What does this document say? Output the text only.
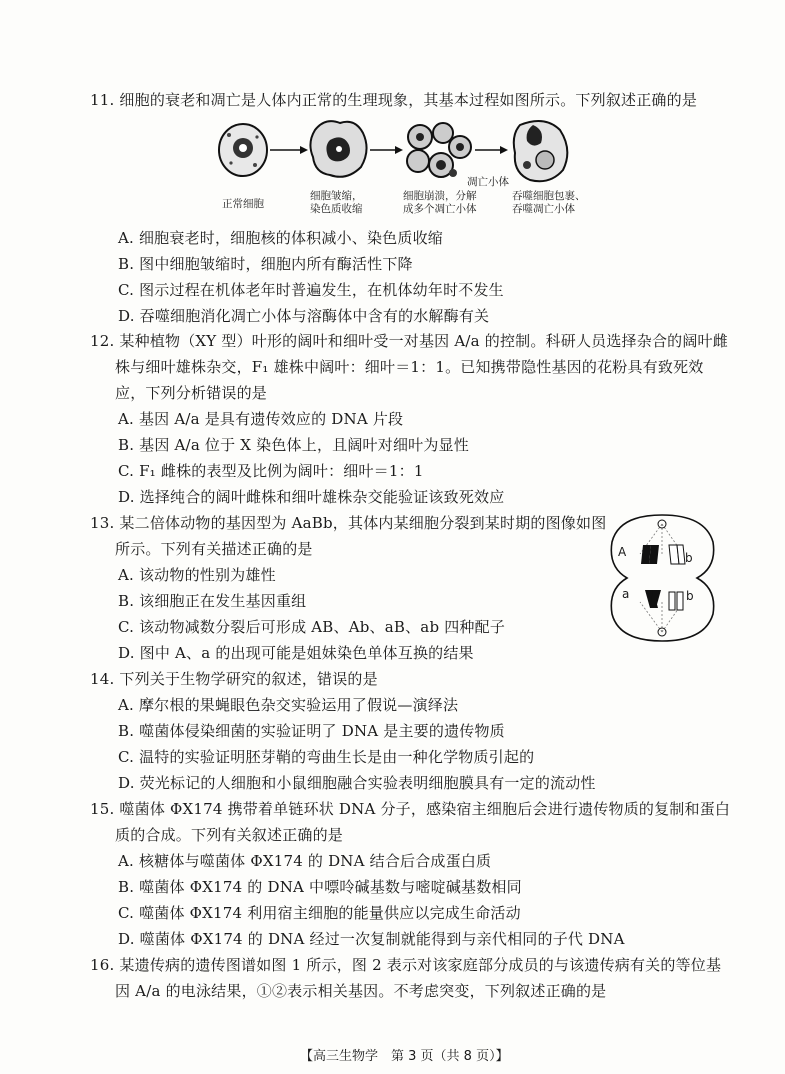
11. 细胞的衰老和凋亡是人体内正常的生理现象，其基本过程如图所示。下列叙述正确的是
正常细胞
细胞皱缩，
染色质收缩
细胞崩溃，分解
成多个凋亡小体
凋亡小体
吞噬细胞包裹、
吞噬凋亡小体
A. 细胞衰老时，细胞核的体积减小、染色质收缩
B. 图中细胞皱缩时，细胞内所有酶活性下降
C. 图示过程在机体老年时普遍发生，在机体幼年时不发生
D. 吞噬细胞消化凋亡小体与溶酶体中含有的水解酶有关
12. 某种植物（XY 型）叶形的阔叶和细叶受一对基因 A/a 的控制。科研人员选择杂合的阔叶雌
株与细叶雄株杂交，F₁ 雄株中阔叶：细叶＝1：1。已知携带隐性基因的花粉具有致死效
应，下列分析错误的是
A. 基因 A/a 是具有遗传效应的 DNA 片段
B. 基因 A/a 位于 X 染色体上，且阔叶对细叶为显性
C. F₁ 雌株的表型及比例为阔叶：细叶＝1：1
D. 选择纯合的阔叶雌株和细叶雄株杂交能验证该致死效应
13. 某二倍体动物的基因型为 AaBb，其体内某细胞分裂到某时期的图像如图
所示。下列有关描述正确的是	A	b
a	b
A. 该动物的性别为雄性
B. 该细胞正在发生基因重组
C. 该动物减数分裂后可形成 AB、Ab、aB、ab 四种配子
D. 图中 A、a 的出现可能是姐妹染色单体互换的结果
14. 下列关于生物学研究的叙述，错误的是
A. 摩尔根的果蝇眼色杂交实验运用了假说—演绎法
B. 噬菌体侵染细菌的实验证明了 DNA 是主要的遗传物质
C. 温特的实验证明胚芽鞘的弯曲生长是由一种化学物质引起的
D. 荧光标记的人细胞和小鼠细胞融合实验表明细胞膜具有一定的流动性
15. 噬菌体 ΦX174 携带着单链环状 DNA 分子，感染宿主细胞后会进行遗传物质的复制和蛋白
质的合成。下列有关叙述正确的是
A. 核糖体与噬菌体 ΦX174 的 DNA 结合后合成蛋白质
B. 噬菌体 ΦX174 的 DNA 中嘌呤碱基数与嘧啶碱基数相同
C. 噬菌体 ΦX174 利用宿主细胞的能量供应以完成生命活动
D. 噬菌体 ΦX174 的 DNA 经过一次复制就能得到与亲代相同的子代 DNA
16. 某遗传病的遗传图谱如图 1 所示，图 2 表示对该家庭部分成员的与该遗传病有关的等位基
因 A/a 的电泳结果，①②表示相关基因。不考虑突变，下列叙述正确的是
【高三生物学　第 3 页（共 8 页）】
